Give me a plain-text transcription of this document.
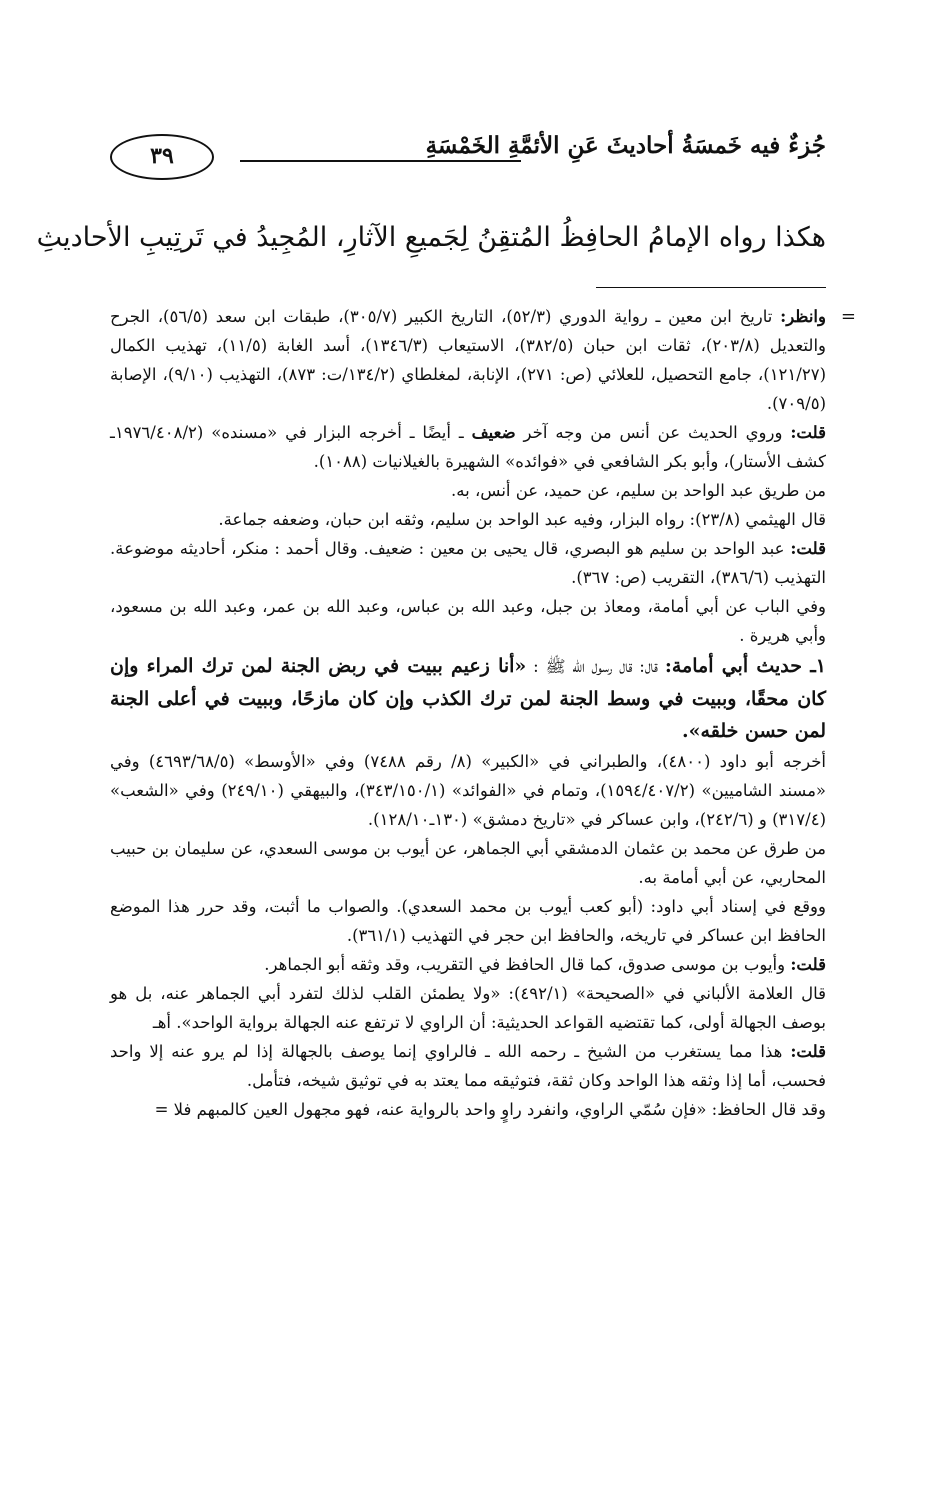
جُزءٌ فيه خَمسَةُ أحاديثَ عَنِ الأئمَّةِ الخَمْسَةِ
٣٩
هكذا رواه الإمامُ الحافِظُ المُتقِنُ لِجَميعِ الآثارِ، المُجِيدُ في تَرتِيبِ الأحاديثِ
=

وانظر: تاريخ ابن معين ـ رواية الدوري (٥٢/٣)، التاريخ الكبير (٣٠٥/٧)، طبقات ابن سعد (٥٦/٥)، الجرح والتعديل (٢٠٣/٨)، ثقات ابن حبان (٣٨٢/٥)، الاستيعاب (١٣٤٦/٣)، أسد الغابة (١١/٥)، تهذيب الكمال (١٢١/٢٧)، جامع التحصيل، للعلائي (ص: ٢٧١)، الإنابة، لمغلطاي (١٣٤/٢/ت: ٨٧٣)، التهذيب (٩/١٠)، الإصابة (٧٠٩/٥).

قلت: وروي الحديث عن أنس من وجه آخر ضعيف ـ أيضًا ـ أخرجه البزار في «مسنده» (١٩٧٦/٤٠٨/٢ـ كشف الأستار)، وأبو بكر الشافعي في «فوائده» الشهيرة بالغيلانيات (١٠٨٨).

من طريق عبد الواحد بن سليم، عن حميد، عن أنس، به.

قال الهيثمي (٢٣/٨): رواه البزار، وفيه عبد الواحد بن سليم، وثقه ابن حبان، وضعفه جماعة.

قلت: عبد الواحد بن سليم هو البصري، قال يحيى بن معين : ضعيف. وقال أحمد : منكر، أحاديثه موضوعة. التهذيب (٣٨٦/٦)، التقريب (ص: ٣٦٧).

وفي الباب عن أبي أمامة، ومعاذ بن جبل، وعبد الله بن عباس، وعبد الله بن عمر، وعبد الله بن مسعود، وأبي هريرة .

١ـ حديث أبي أمامة: قال: قال رسول الله ﷺ : «أنا زعيم ببيت في ربض الجنة لمن ترك المراء وإن كان محقًا، وببيت في وسط الجنة لمن ترك الكذب وإن كان مازحًا، وببيت في أعلى الجنة لمن حسن خلقه».

أخرجه أبو داود (٤٨٠٠)، والطبراني في «الكبير» (٨/ رقم ٧٤٨٨) وفي «الأوسط» (٤٦٩٣/٦٨/٥) وفي «مسند الشاميين» (١٥٩٤/٤٠٧/٢)، وتمام في «الفوائد» (٣٤٣/١٥٠/١)، والبيهقي (٢٤٩/١٠) وفي «الشعب» (٣١٧/٤) و (٢٤٢/٦)، وابن عساكر في «تاريخ دمشق» (١٣٠ـ١٢٨/١٠).

من طرق عن محمد بن عثمان الدمشقي أبي الجماهر، عن أيوب بن موسى السعدي، عن سليمان بن حبيب المحاربي، عن أبي أمامة به.

ووقع في إسناد أبي داود: (أبو كعب أيوب بن محمد السعدي). والصواب ما أثبت، وقد حرر هذا الموضع الحافظ ابن عساكر في تاريخه، والحافظ ابن حجر في التهذيب (٣٦١/١).

قلت: وأيوب بن موسى صدوق، كما قال الحافظ في التقريب، وقد وثقه أبو الجماهر.

قال العلامة الألباني في «الصحيحة» (٤٩٢/١): «ولا يطمئن القلب لذلك لتفرد أبي الجماهر عنه، بل هو بوصف الجهالة أولى، كما تقتضيه القواعد الحديثية: أن الراوي لا ترتفع عنه الجهالة برواية الواحد». أهـ

قلت: هذا مما يستغرب من الشيخ ـ رحمه الله ـ فالراوي إنما يوصف بالجهالة إذا لم يرو عنه إلا واحد فحسب، أما إذا وثقه هذا الواحد وكان ثقة، فتوثيقه مما يعتد به في توثيق شيخه، فتأمل.

وقد قال الحافظ: «فإن سُمّي الراوي، وانفرد راوٍ واحد بالرواية عنه، فهو مجهول العين كالمبهم فلا =
